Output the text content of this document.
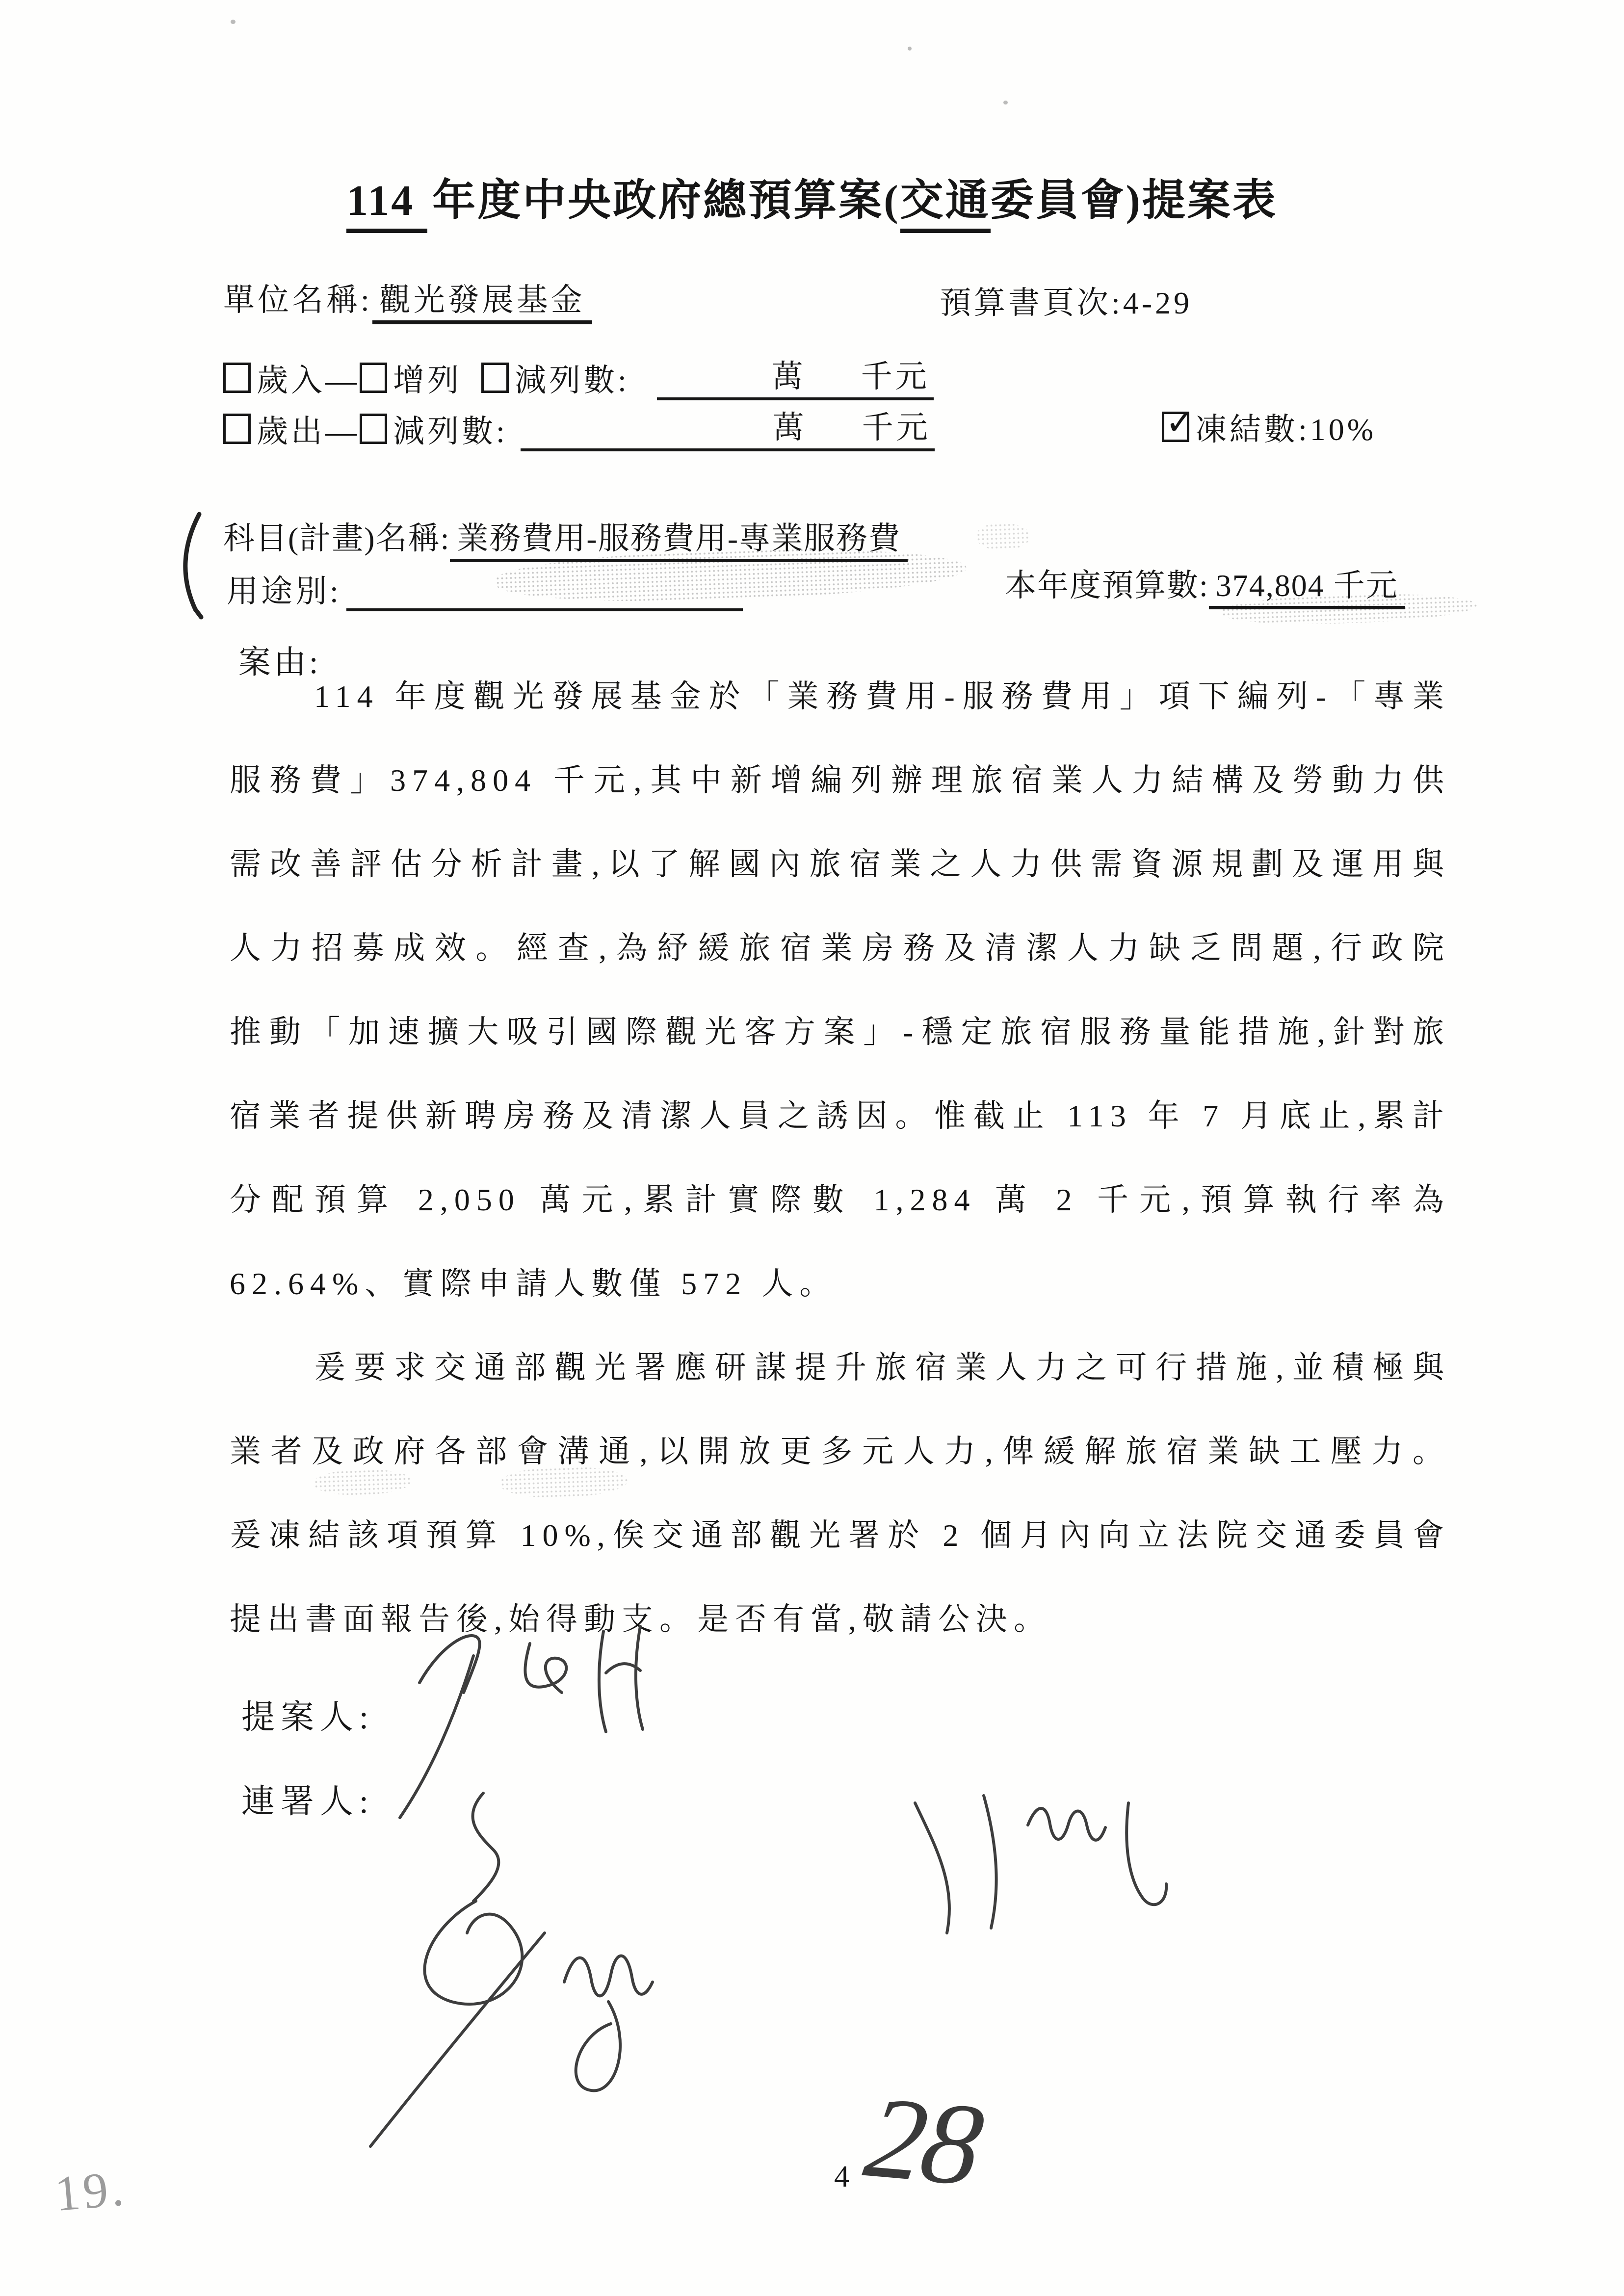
114 年度中央政府總預算案(交通委員會)提案表
單位名稱: 觀光發展基金	預算書頁次:4-29
歲入— 增列 減列數:	萬 千元
歲出— 減列數:	萬 千元	✓
凍結數:10%
科目(計畫)名稱: 業務費用-服務費用-專業服務費
用途別:	本年度預算數: 374,804 千元
案由:
114 年度觀光發展基金於「業務費用-服務費用」項下編列-「專業
服務費」374,804 千元,其中新增編列辦理旅宿業人力結構及勞動力供
需改善評估分析計畫,以了解國內旅宿業之人力供需資源規劃及運用與
人力招募成效。經查,為紓緩旅宿業房務及清潔人力缺乏問題,行政院
推動「加速擴大吸引國際觀光客方案」-穩定旅宿服務量能措施,針對旅
宿業者提供新聘房務及清潔人員之誘因。惟截止 113 年 7 月底止,累計
分配預算 2,050 萬元,累計實際數 1,284 萬 2 千元,預算執行率為
62.64%、實際申請人數僅 572 人。
爰要求交通部觀光署應研謀提升旅宿業人力之可行措施,並積極與
業者及政府各部會溝通,以開放更多元人力,俾緩解旅宿業缺工壓力。
爰凍結該項預算 10%,俟交通部觀光署於 2 個月內向立法院交通委員會
提出書面報告後,始得動支。是否有當,敬請公決。
提案人:
連署人:
4 28
19.
